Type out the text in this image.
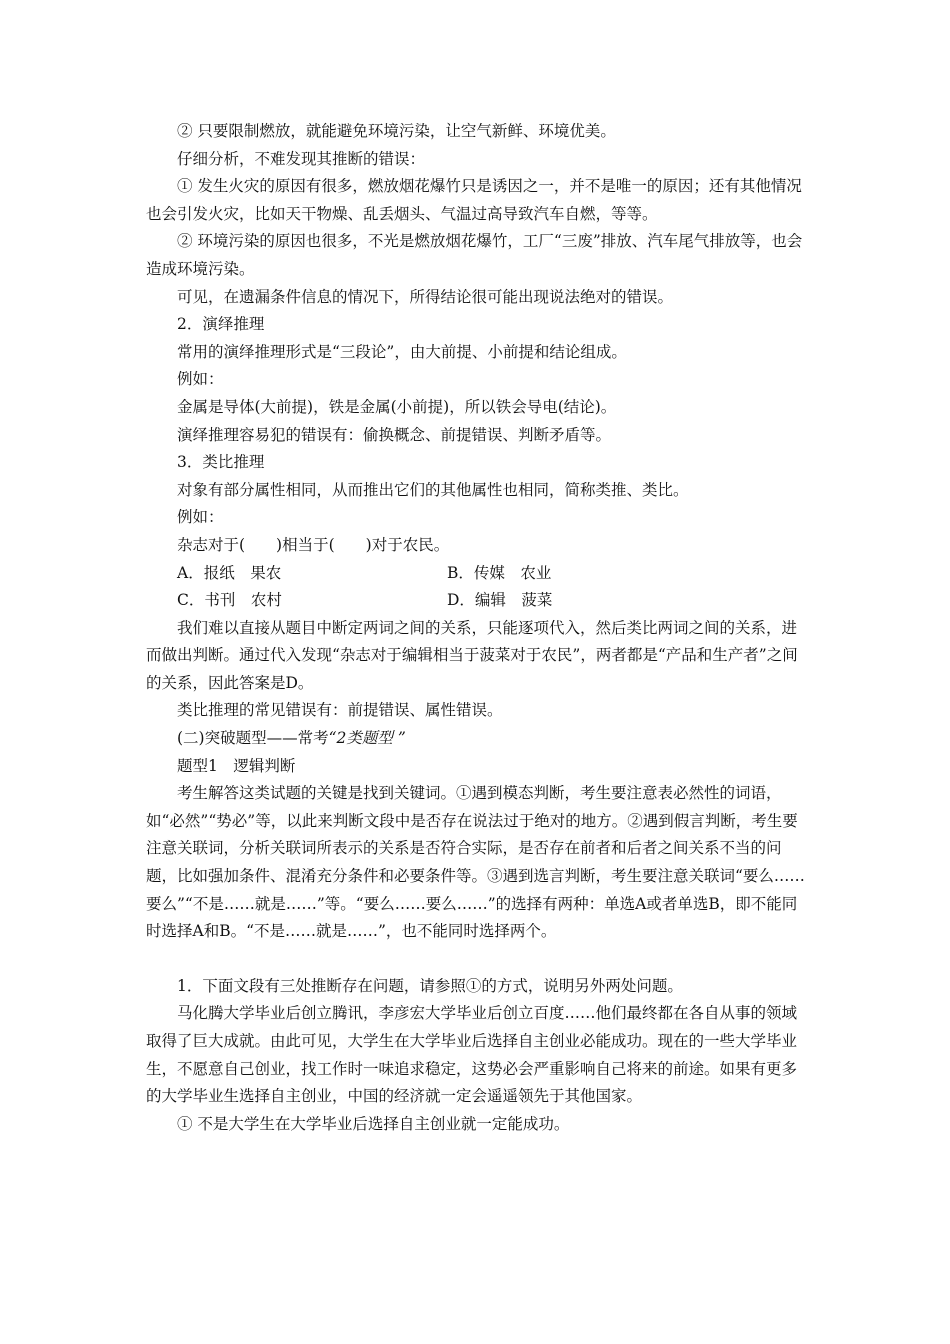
② 只要限制燃放，就能避免环境污染，让空气新鲜、环境优美。

仔细分析，不难发现其推断的错误：

① 发生火灾的原因有很多，燃放烟花爆竹只是诱因之一，并不是唯一的原因；还有其他情况也会引发火灾，比如天干物燥、乱丢烟头、气温过高导致汽车自燃，等等。

② 环境污染的原因也很多，不光是燃放烟花爆竹，工厂“三废”排放、汽车尾气排放等，也会造成环境污染。

可见，在遗漏条件信息的情况下，所得结论很可能出现说法绝对的错误。

2．演绎推理

常用的演绎推理形式是“三段论”，由大前提、小前提和结论组成。

例如：

金属是导体(大前提)，铁是金属(小前提)，所以铁会导电(结论)。

演绎推理容易犯的错误有：偷换概念、前提错误、判断矛盾等。

3．类比推理

对象有部分属性相同，从而推出它们的其他属性也相同，简称类推、类比。

例如：

杂志对于(　　)相当于(　　)对于农民。

A．报纸　果农	B．传媒　农业
C．书刊　农村	D．编辑　菠菜

我们难以直接从题目中断定两词之间的关系，只能逐项代入，然后类比两词之间的关系，进而做出判断。通过代入发现“杂志对于编辑相当于菠菜对于农民”，两者都是“产品和生产者”之间的关系，因此答案是D。

类比推理的常见错误有：前提错误、属性错误。

(二)突破题型——常考“2类题型 ”

题型1　逻辑判断

考生解答这类试题的关键是找到关键词。①遇到模态判断，考生要注意表必然性的词语，如“必然”“势必”等，以此来判断文段中是否存在说法过于绝对的地方。②遇到假言判断，考生要注意关联词，分析关联词所表示的关系是否符合实际，是否存在前者和后者之间关系不当的问题，比如强加条件、混淆充分条件和必要条件等。③遇到选言判断，考生要注意关联词“要么……要么”“不是……就是……”等。“要么……要么……”的选择有两种：单选A或者单选B，即不能同时选择A和B。“不是……就是……”，也不能同时选择两个。

1．下面文段有三处推断存在问题，请参照①的方式，说明另外两处问题。

马化腾大学毕业后创立腾讯，李彦宏大学毕业后创立百度……他们最终都在各自从事的领域取得了巨大成就。由此可见，大学生在大学毕业后选择自主创业必能成功。现在的一些大学毕业生，不愿意自己创业，找工作时一味追求稳定，这势必会严重影响自己将来的前途。如果有更多的大学毕业生选择自主创业，中国的经济就一定会遥遥领先于其他国家。

① 不是大学生在大学毕业后选择自主创业就一定能成功。
